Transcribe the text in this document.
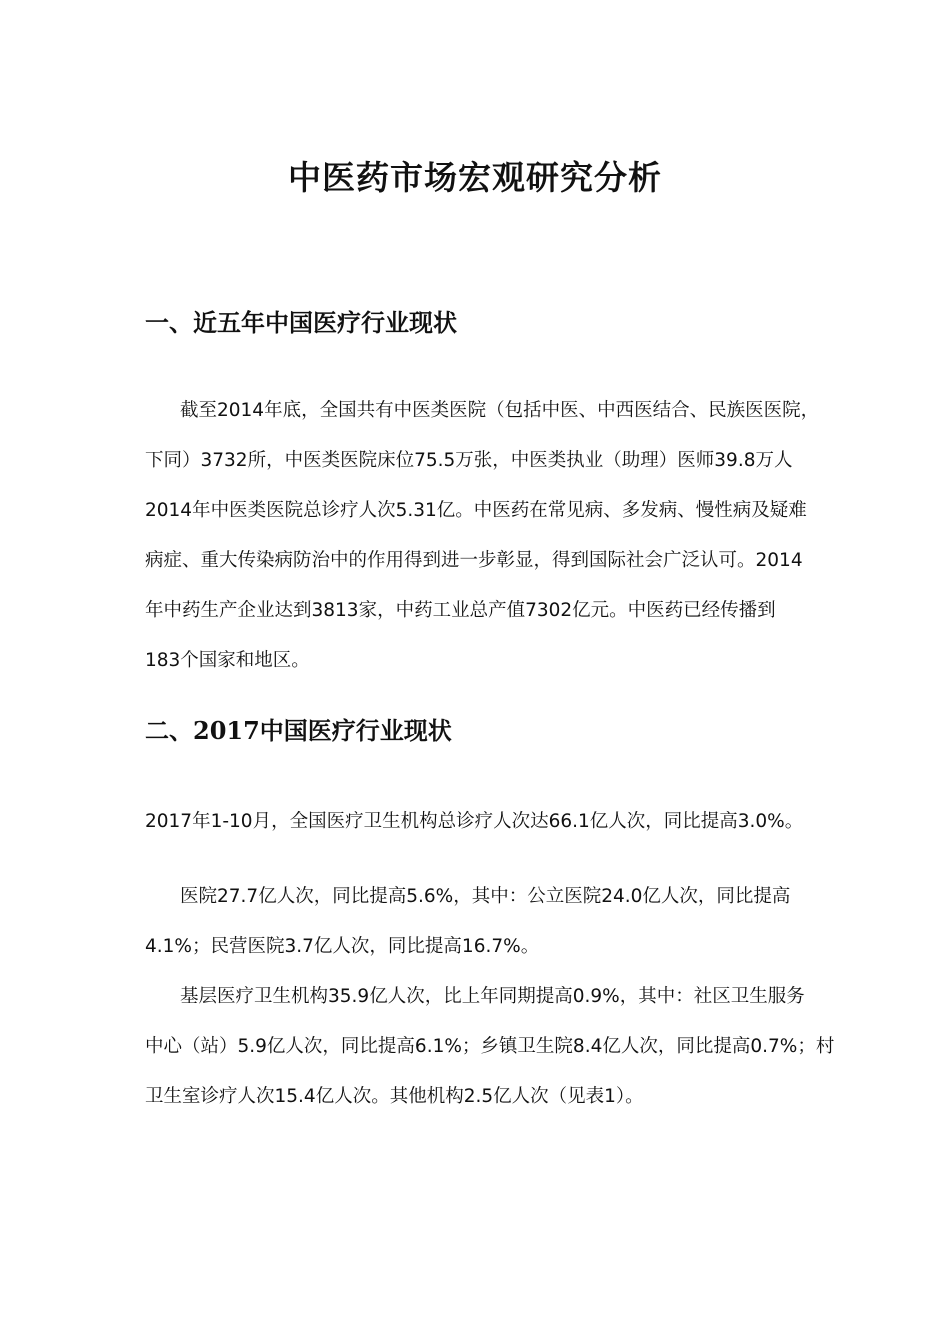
中医药市场宏观研究分析
一、近五年中国医疗行业现状

截至2014年底，全国共有中医类医院（包括中医、中西医结合、民族医医院，

下同）3732所，中医类医院床位75.5万张，中医类执业（助理）医师39.8万人

2014年中医类医院总诊疗人次5.31亿。中医药在常见病、多发病、慢性病及疑难

病症、重大传染病防治中的作用得到进一步彰显，得到国际社会广泛认可。2014

年中药生产企业达到3813家，中药工业总产值7302亿元。中医药已经传播到

183个国家和地区。

二、2017中国医疗行业现状

2017年1-10月，全国医疗卫生机构总诊疗人次达66.1亿人次，同比提高3.0%。

医院27.7亿人次，同比提高5.6%，其中：公立医院24.0亿人次，同比提高

4.1%；民营医院3.7亿人次，同比提高16.7%。

基层医疗卫生机构35.9亿人次，比上年同期提高0.9%，其中：社区卫生服务

中心（站）5.9亿人次，同比提高6.1%；乡镇卫生院8.4亿人次，同比提高0.7%；村

卫生室诊疗人次15.4亿人次。其他机构2.5亿人次（见表1）。
